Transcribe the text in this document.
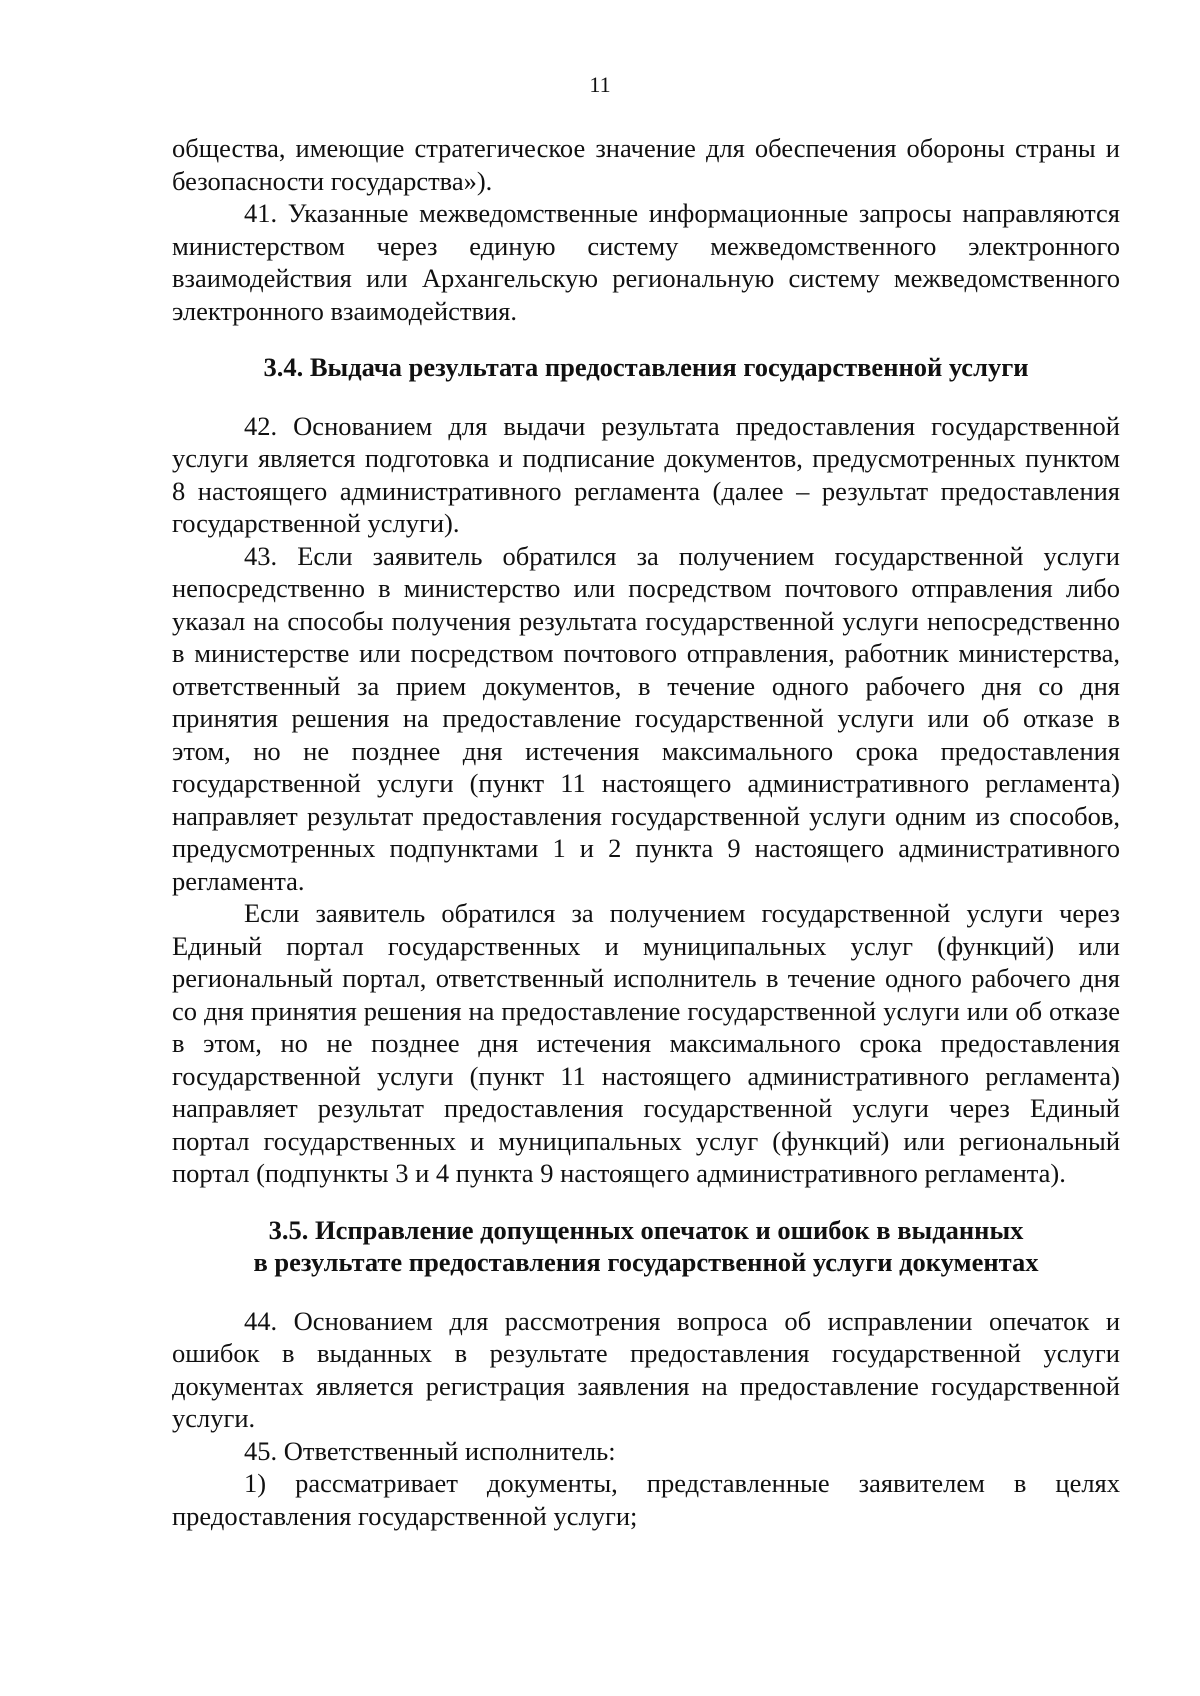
11

общества, имеющие стратегическое значение для обеспечения обороны страны и безопасности государства»).

41. Указанные межведомственные информационные запросы направляются министерством через единую систему межведомственного электронного взаимодействия или Архангельскую региональную систему межведомственного электронного взаимодействия.

3.4. Выдача результата предоставления государственной услуги

42. Основанием для выдачи результата предоставления государственной услуги является подготовка и подписание документов, предусмотренных пунктом 8 настоящего административного регламента (далее – результат предоставления государственной услуги).

43. Если заявитель обратился за получением государственной услуги непосредственно в министерство или посредством почтового отправления либо указал на способы получения результата государственной услуги непосредственно в министерстве или посредством почтового отправления, работник министерства, ответственный за прием документов, в течение одного рабочего дня со дня принятия решения на предоставление государственной услуги или об отказе в этом, но не позднее дня истечения максимального срока предоставления государственной услуги (пункт 11 настоящего административного регламента) направляет результат предоставления государственной услуги одним из способов, предусмотренных подпунктами 1 и 2 пункта 9 настоящего административного регламента.

Если заявитель обратился за получением государственной услуги через Единый портал государственных и муниципальных услуг (функций) или региональный портал, ответственный исполнитель в течение одного рабочего дня со дня принятия решения на предоставление государственной услуги или об отказе в этом, но не позднее дня истечения максимального срока предоставления государственной услуги (пункт 11 настоящего административного регламента) направляет результат предоставления государственной услуги через Единый портал государственных и муниципальных услуг (функций) или региональный портал (подпункты 3 и 4 пункта 9 настоящего административного регламента).

3.5. Исправление допущенных опечаток и ошибок в выданных

в результате предоставления государственной услуги документах

44. Основанием для рассмотрения вопроса об исправлении опечаток и ошибок в выданных в результате предоставления государственной услуги документах является регистрация заявления на предоставление государственной услуги.

45. Ответственный исполнитель:

1) рассматривает документы, представленные заявителем в целях предоставления государственной услуги;
